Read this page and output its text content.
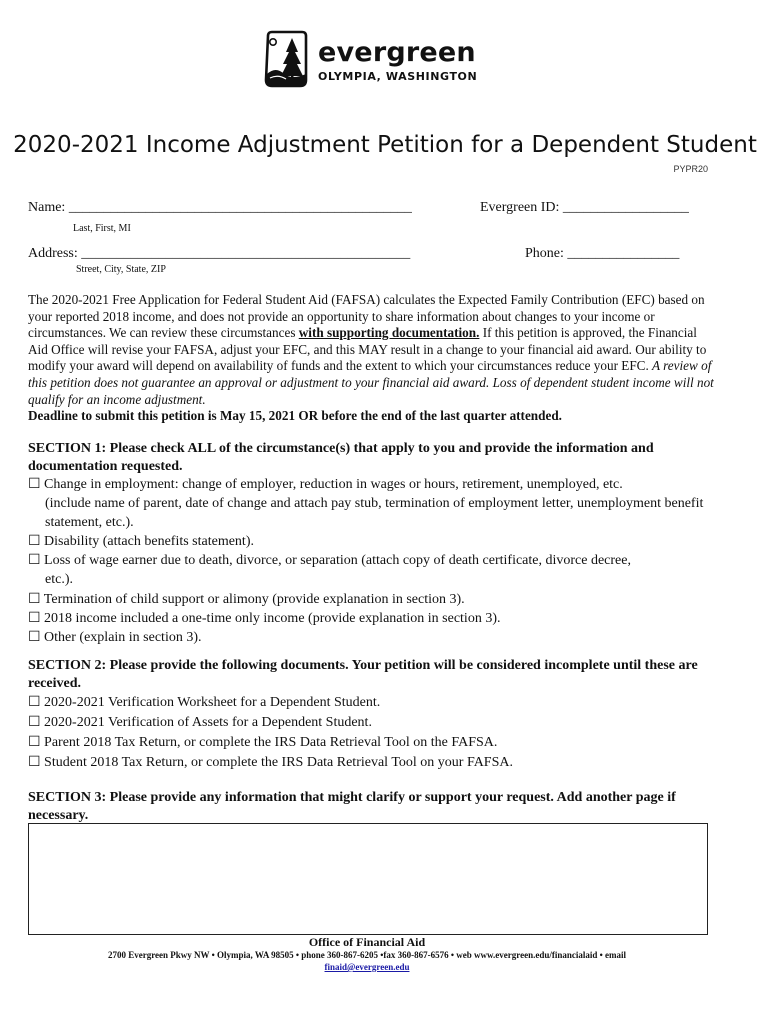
evergreen
OLYMPIA, WASHINGTON
2020-2021 Income Adjustment Petition for a Dependent Student
PYPR20
Name: _________________________________________________	Evergreen ID: __________________
Last, First, MI
Address: _______________________________________________	Phone: ________________
Street, City, State, ZIP
The 2020-2021 Free Application for Federal Student Aid (FAFSA) calculates the Expected Family Contribution (EFC) based on your reported 2018 income, and does not provide an opportunity to share information about changes to your income or circumstances. We can review these circumstances with supporting documentation. If this petition is approved, the Financial Aid Office will revise your FAFSA, adjust your EFC, and this MAY result in a change to your financial aid award. Our ability to modify your award will depend on availability of funds and the extent to which your circumstances reduce your EFC. A review of this petition does not guarantee an approval or adjustment to your financial aid award. Loss of dependent student income will not qualify for an income adjustment.
Deadline to submit this petition is May 15, 2021 OR before the end of the last quarter attended.
SECTION 1: Please check ALL of the circumstance(s) that apply to you and provide the information and documentation requested.
☐ Change in employment: change of employer, reduction in wages or hours, retirement, unemployed, etc.
(include name of parent, date of change and attach pay stub, termination of employment letter, unemployment benefit statement, etc.).
☐ Disability (attach benefits statement).
☐ Loss of wage earner due to death, divorce, or separation (attach copy of death certificate, divorce decree,
etc.).
☐ Termination of child support or alimony (provide explanation in section 3).
☐ 2018 income included a one-time only income (provide explanation in section 3).
☐ Other (explain in section 3).
SECTION 2: Please provide the following documents. Your petition will be considered incomplete until these are received.
☐ 2020-2021 Verification Worksheet for a Dependent Student.
☐ 2020-2021 Verification of Assets for a Dependent Student.
☐ Parent 2018 Tax Return, or complete the IRS Data Retrieval Tool on the FAFSA.
☐ Student 2018 Tax Return, or complete the IRS Data Retrieval Tool on your FAFSA.
SECTION 3: Please provide any information that might clarify or support your request. Add another page if necessary.
Office of Financial Aid
2700 Evergreen Pkwy NW • Olympia, WA 98505 • phone 360-867-6205 •fax 360-867-6576 • web www.evergreen.edu/financialaid • email
finaid@evergreen.edu
